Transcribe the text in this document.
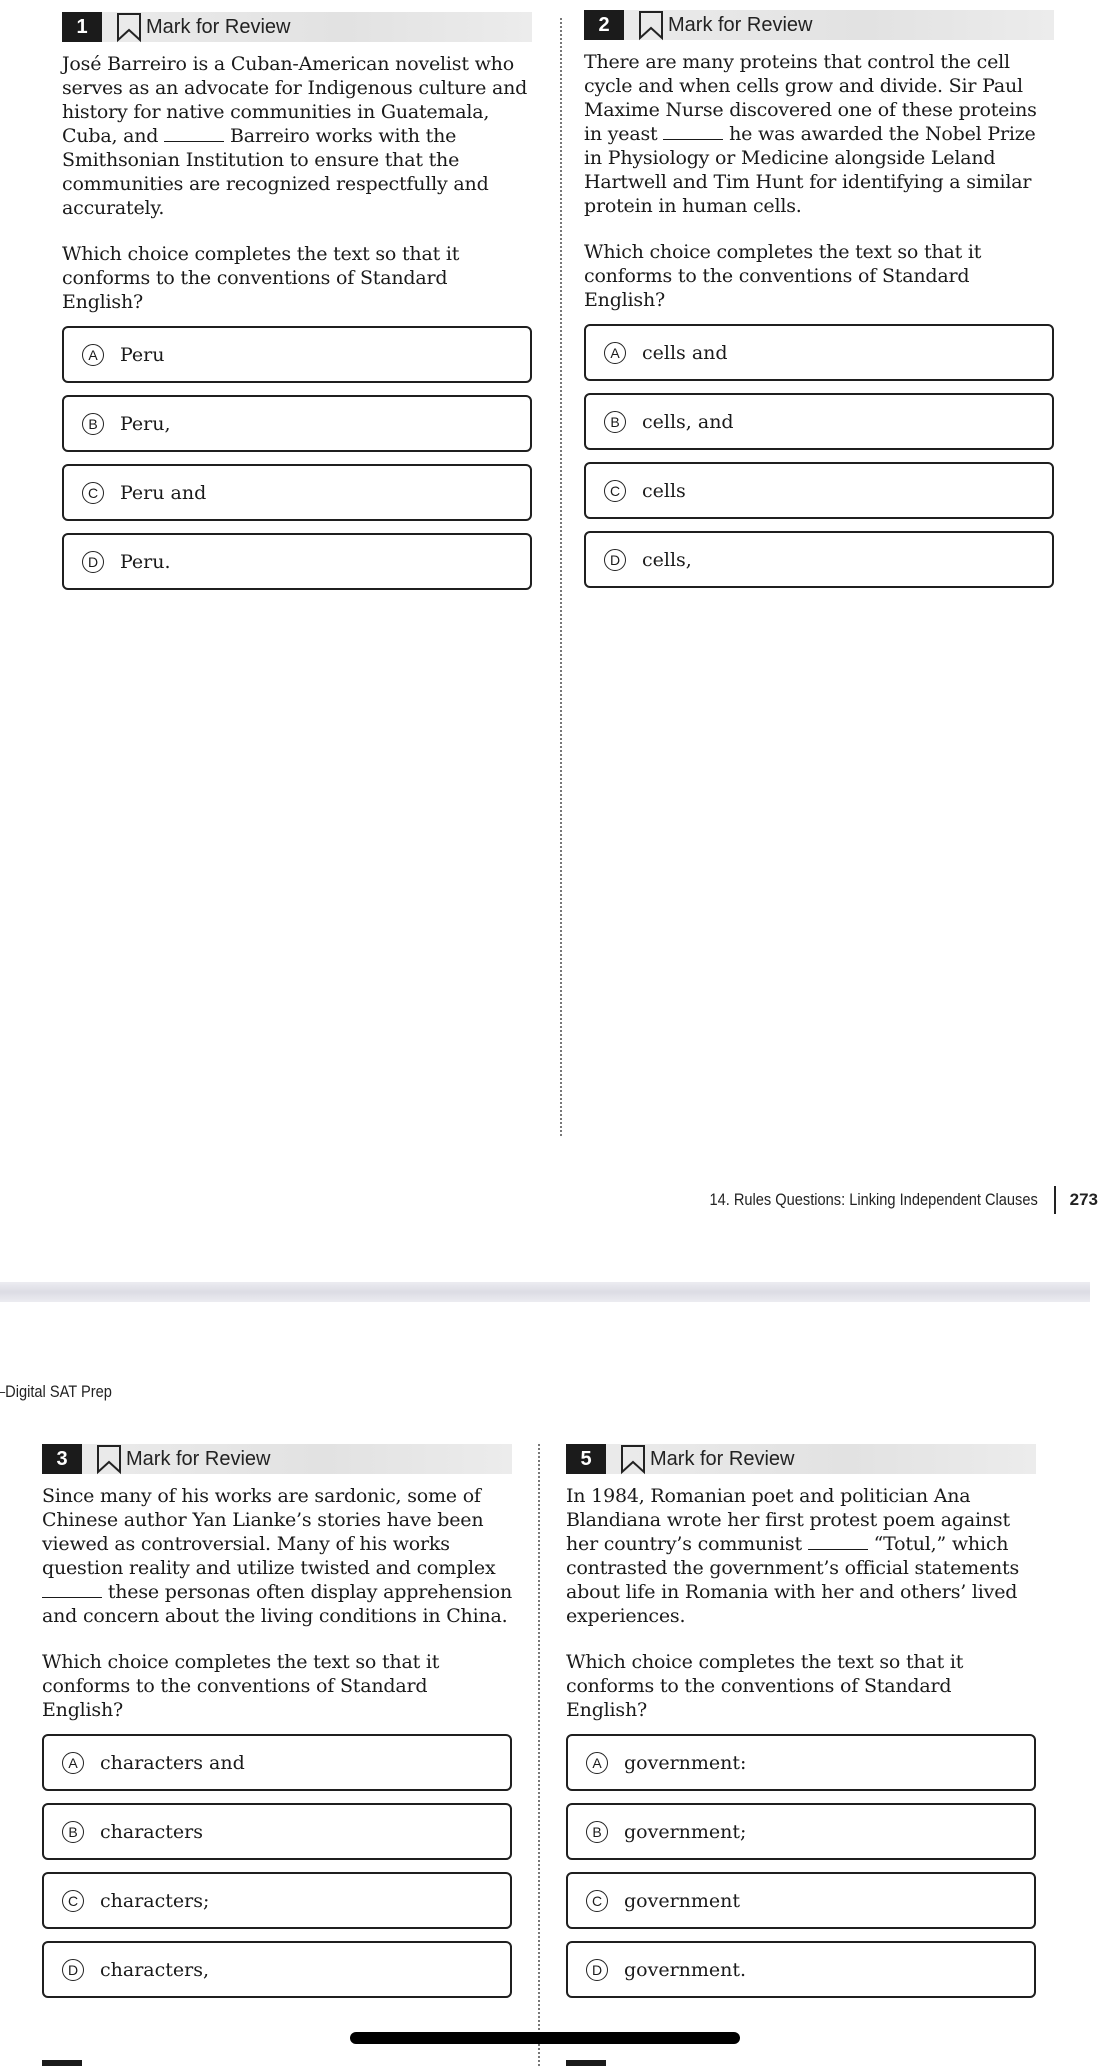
1	Mark for Review

José Barreiro is a Cuban-American novelist who serves as an advocate for Indigenous culture and history for native communities in Guatemala, Cuba, and	Barreiro works with the Smithsonian Institution to ensure that the communities are recognized respectfully and accurately.

Which choice completes the text so that it conforms to the conventions of Standard English?

A	Peru
B	Peru,
C	Peru and
D	Peru.
2	Mark for Review

There are many proteins that control the cell cycle and when cells grow and divide. Sir Paul Maxime Nurse discovered one of these proteins in yeast	he was awarded the Nobel Prize in Physiology or Medicine alongside Leland Hartwell and Tim Hunt for identifying a similar protein in human cells.

Which choice completes the text so that it conforms to the conventions of Standard English?

A	cells and
B	cells, and
C	cells
D	cells,
14. Rules Questions: Linking Independent Clauses 273
Digital SAT Prep
3	Mark for Review

Since many of his works are sardonic, some of Chinese author Yan Lianke’s stories have been viewed as controversial. Many of his works question reality and utilize twisted and complex  these personas often display apprehension and concern about the living conditions in China.

Which choice completes the text so that it conforms to the conventions of Standard English?

A	characters and
B	characters
C	characters;
D	characters,
5	Mark for Review

In 1984, Romanian poet and politician Ana Blandiana wrote her first protest poem against her country’s communist	“Totul,” which contrasted the government’s official statements about life in Romania with her and others’ lived experiences.

Which choice completes the text so that it conforms to the conventions of Standard English?

A	government:
B	government;
C	government
D	government.
